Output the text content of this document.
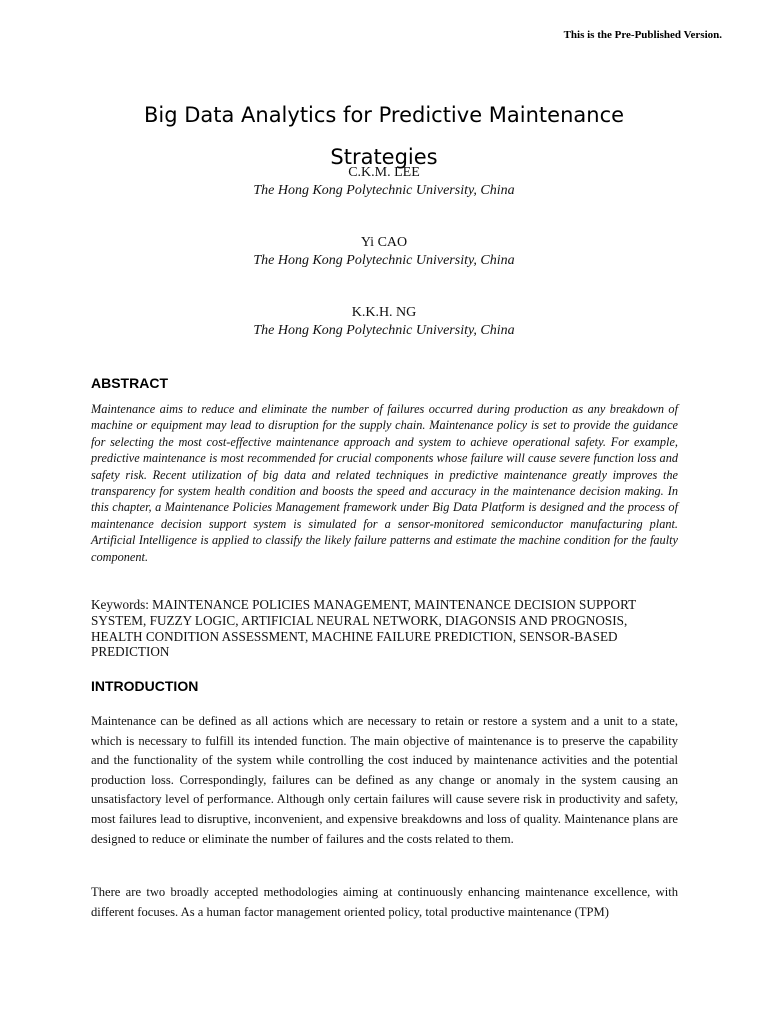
This is the Pre-Published Version.
Big Data Analytics for Predictive Maintenance
Strategies
C.K.M. LEE
The Hong Kong Polytechnic University, China
Yi CAO
The Hong Kong Polytechnic University, China
K.K.H. NG
The Hong Kong Polytechnic University, China
ABSTRACT
Maintenance aims to reduce and eliminate the number of failures occurred during production as any breakdown of machine or equipment may lead to disruption for the supply chain. Maintenance policy is set to provide the guidance for selecting the most cost-effective maintenance approach and system to achieve operational safety. For example, predictive maintenance is most recommended for crucial components whose failure will cause severe function loss and safety risk. Recent utilization of big data and related techniques in predictive maintenance greatly improves the transparency for system health condition and boosts the speed and accuracy in the maintenance decision making. In this chapter, a Maintenance Policies Management framework under Big Data Platform is designed and the process of maintenance decision support system is simulated for a sensor-monitored semiconductor manufacturing plant. Artificial Intelligence is applied to classify the likely failure patterns and estimate the machine condition for the faulty component.
Keywords: MAINTENANCE POLICIES MANAGEMENT, MAINTENANCE DECISION SUPPORT SYSTEM, FUZZY LOGIC, ARTIFICIAL NEURAL NETWORK, DIAGONSIS AND PROGNOSIS, HEALTH CONDITION ASSESSMENT, MACHINE FAILURE PREDICTION, SENSOR-BASED PREDICTION
INTRODUCTION
Maintenance can be defined as all actions which are necessary to retain or restore a system and a unit to a state, which is necessary to fulfill its intended function. The main objective of maintenance is to preserve the capability and the functionality of the system while controlling the cost induced by maintenance activities and the potential production loss. Correspondingly, failures can be defined as any change or anomaly in the system causing an unsatisfactory level of performance. Although only certain failures will cause severe risk in productivity and safety, most failures lead to disruptive, inconvenient, and expensive breakdowns and loss of quality. Maintenance plans are designed to reduce or eliminate the number of failures and the costs related to them.
There are two broadly accepted methodologies aiming at continuously enhancing maintenance excellence, with different focuses. As a human factor management oriented policy, total productive maintenance (TPM)
